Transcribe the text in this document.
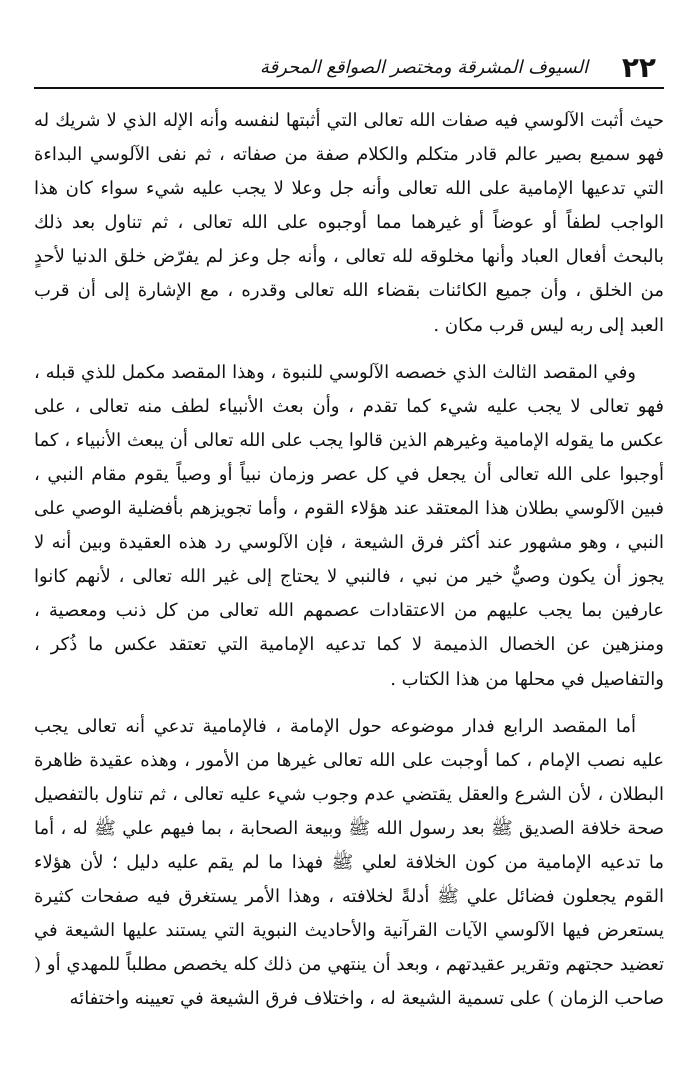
٢٢
السيوف المشرقة ومختصر الصواقع المحرقة

حيث أثبت الآلوسي فيه صفات الله تعالى التي أثبتها لنفسه وأنه الإله الذي لا شريك له فهو سميع بصير عالم قادر متكلم والكلام صفة من صفاته ، ثم نفى الآلوسي البداءة التي تدعيها الإمامية على الله تعالى وأنه جل وعلا لا يجب عليه شيء سواء كان هذا الواجب لطفاً أو عوضاً أو غيرهما مما أوجبوه على الله تعالى ، ثم تناول بعد ذلك بالبحث أفعال العباد وأنها مخلوقه لله تعالى ، وأنه جل وعز لم يفرّض خلق الدنيا لأحدٍ من الخلق ، وأن جميع الكائنات بقضاء الله تعالى وقدره ، مع الإشارة إلى أن قرب العبد إلى ربه ليس قرب مكان .

وفي المقصد الثالث الذي خصصه الآلوسي للنبوة ، وهذا المقصد مكمل للذي قبله ، فهو تعالى لا يجب عليه شيء كما تقدم ، وأن بعث الأنبياء لطف منه تعالى ، على عكس ما يقوله الإمامية وغيرهم الذين قالوا يجب على الله تعالى أن يبعث الأنبياء ، كما أوجبوا على الله تعالى أن يجعل في كل عصر وزمان نبياً أو وصياً يقوم مقام النبي ، فبين الآلوسي بطلان هذا المعتقد عند هؤلاء القوم ، وأما تجويزهم بأفضلية الوصي على النبي ، وهو مشهور عند أكثر فرق الشيعة ، فإن الآلوسي رد هذه العقيدة وبين أنه لا يجوز أن يكون وصيٌّ خير من نبي ، فالنبي لا يحتاج إلى غير الله تعالى ، لأنهم كانوا عارفين بما يجب عليهم من الاعتقادات عصمهم الله تعالى من كل ذنب ومعصية ، ومنزهين عن الخصال الذميمة لا كما تدعيه الإمامية التي تعتقد عكس ما ذُكر ، والتفاصيل في محلها من هذا الكتاب .

أما المقصد الرابع فدار موضوعه حول الإمامة ، فالإمامية تدعي أنه تعالى يجب عليه نصب الإمام ، كما أوجبت على الله تعالى غيرها من الأمور ، وهذه عقيدة ظاهرة البطلان ، لأن الشرع والعقل يقتضي عدم وجوب شيء عليه تعالى ، ثم تناول بالتفصيل صحة خلافة الصديق ﷺ بعد رسول الله ﷺ وبيعة الصحابة ، بما فيهم علي ﷺ له ، أما ما تدعيه الإمامية من كون الخلافة لعلي ﷺ فهذا ما لم يقم عليه دليل ؛ لأن هؤلاء القوم يجعلون فضائل علي ﷺ أدلةً لخلافته ، وهذا الأمر يستغرق فيه صفحات كثيرة يستعرض فيها الآلوسي الآيات القرآنية والأحاديث النبوية التي يستند عليها الشيعة في تعضيد حجتهم وتقرير عقيدتهم ، وبعد أن ينتهي من ذلك كله يخصص مطلباً للمهدي أو ( صاحب الزمان ) على تسمية الشيعة له ، واختلاف فرق الشيعة في تعيينه واختفائه
